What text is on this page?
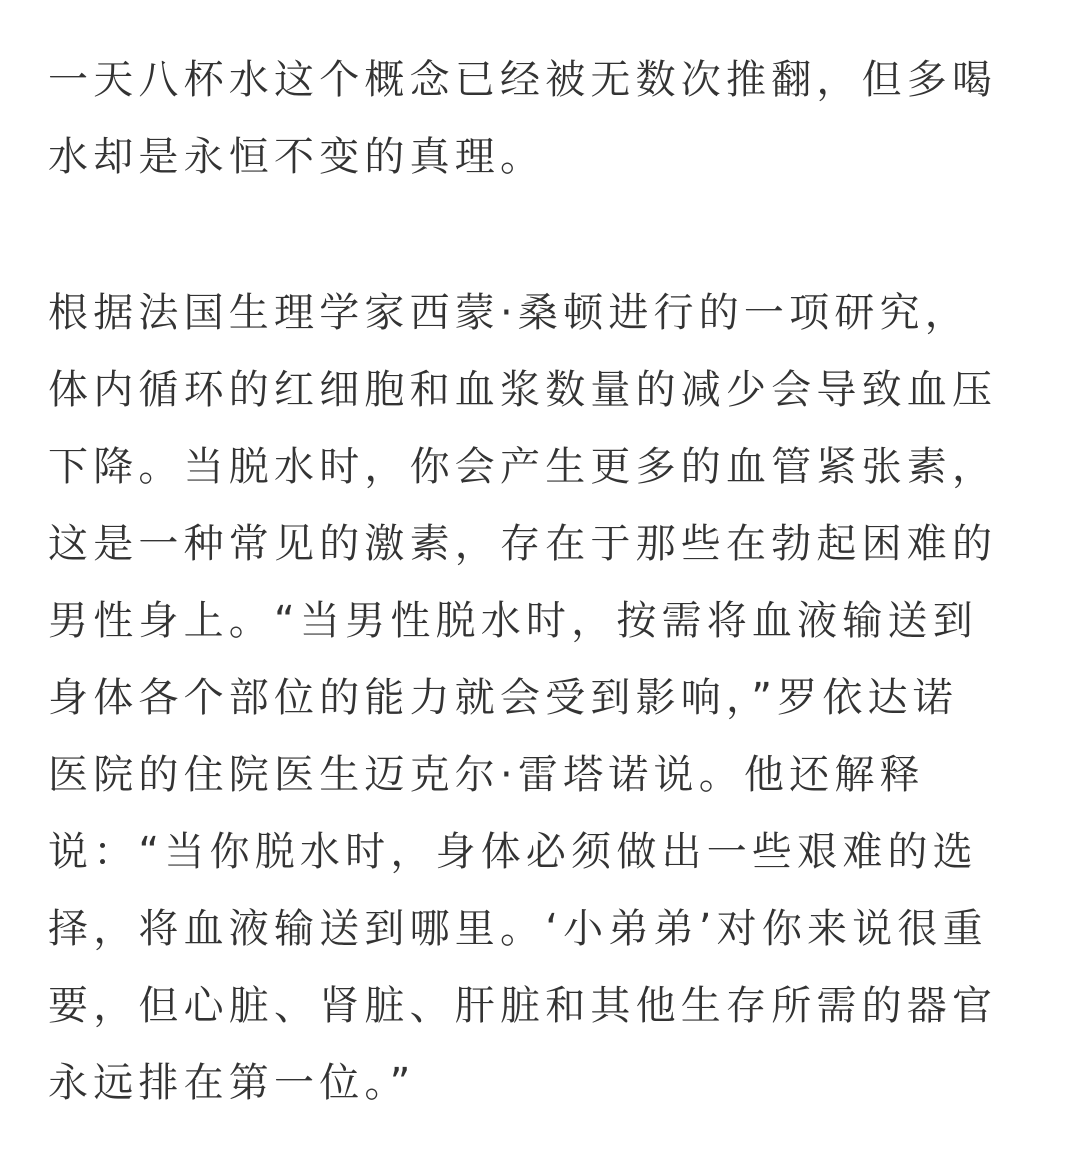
一天八杯水这个概念已经被无数次推翻，但多喝
水却是永恒不变的真理。

根据法国生理学家西蒙·桑顿进行的一项研究，
体内循环的红细胞和血浆数量的减少会导致血压
下降。当脱水时，你会产生更多的血管紧张素，
这是一种常见的激素，存在于那些在勃起困难的
男性身上。“当男性脱水时，按需将血液输送到
身体各个部位的能力就会受到影响，”罗依达诺
医院的住院医生迈克尔·雷塔诺说。他还解释
说：“当你脱水时，身体必须做出一些艰难的选
择，将血液输送到哪里。‘小弟弟’对你来说很重
要，但心脏、肾脏、肝脏和其他生存所需的器官
永远排在第一位。”
